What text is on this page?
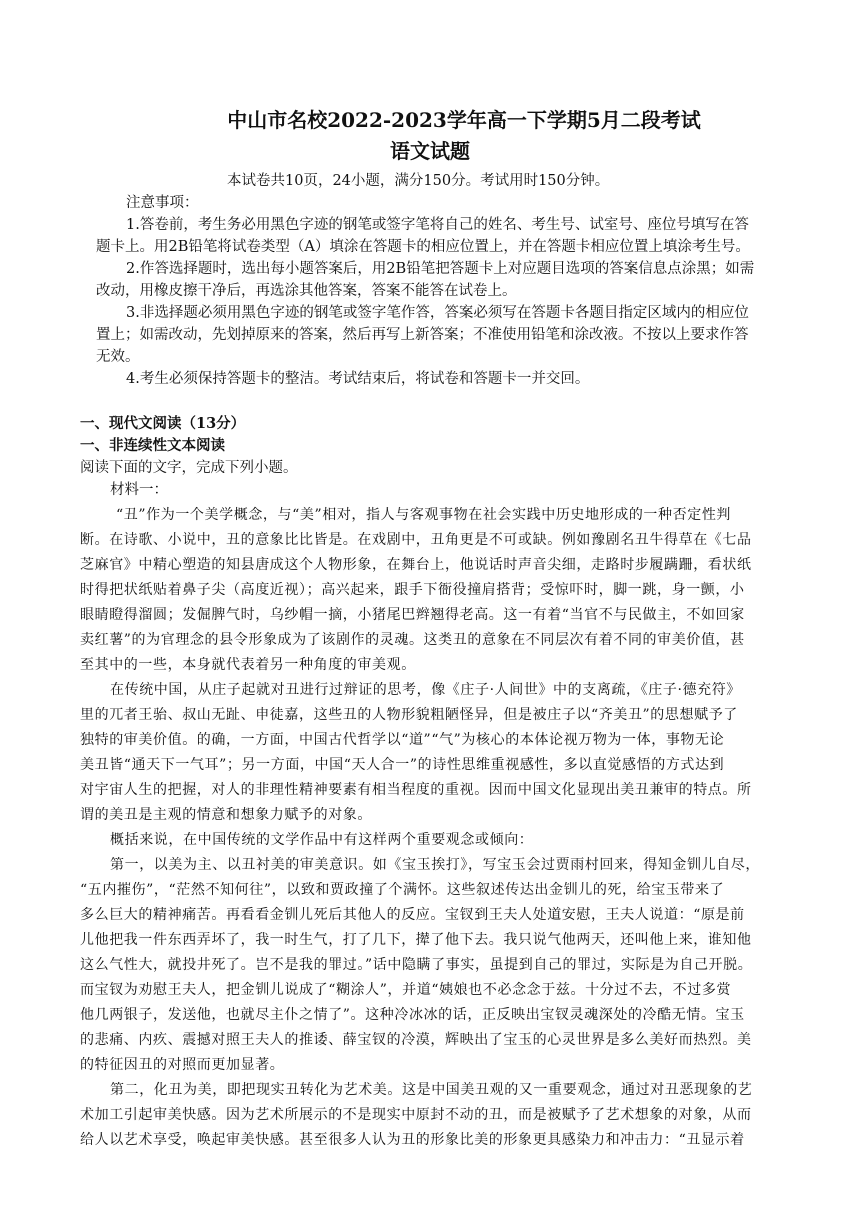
中山市名校2022-2023学年高一下学期5月二段考试
语文试题
本试卷共10页，24小题，满分150分。考试用时150分钟。
注意事项：
1.答卷前，考生务必用黑色字迹的钢笔或签字笔将自己的姓名、考生号、试室号、座位号填写在答
题卡上。用2B铅笔将试卷类型（A）填涂在答题卡的相应位置上，并在答题卡相应位置上填涂考生号。
2.作答选择题时，选出每小题答案后，用2B铅笔把答题卡上对应题目选项的答案信息点涂黑；如需
改动，用橡皮擦干净后，再选涂其他答案，答案不能答在试卷上。
3.非选择题必须用黑色字迹的钢笔或签字笔作答，答案必须写在答题卡各题目指定区域内的相应位
置上；如需改动，先划掉原来的答案，然后再写上新答案；不准使用铅笔和涂改液。不按以上要求作答
无效。
4.考生必须保持答题卡的整洁。考试结束后，将试卷和答题卡一并交回。
一、现代文阅读（13分）
一、非连续性文本阅读
阅读下面的文字，完成下列小题。
材料一：
“丑”作为一个美学概念，与“美”相对，指人与客观事物在社会实践中历史地形成的一种否定性判
断。在诗歌、小说中，丑的意象比比皆是。在戏剧中，丑角更是不可或缺。例如豫剧名丑牛得草在《七品
芝麻官》中精心塑造的知县唐成这个人物形象，在舞台上，他说话时声音尖细，走路时步履蹒跚，看状纸
时得把状纸贴着鼻子尖（高度近视）；高兴起来，跟手下衙役撞肩搭背；受惊吓时，脚一跳，身一颤，小
眼睛瞪得溜圆；发倔脾气时，乌纱帽一摘，小猪尾巴辫翘得老高。这一有着“当官不与民做主，不如回家
卖红薯”的为官理念的县令形象成为了该剧作的灵魂。这类丑的意象在不同层次有着不同的审美价值，甚
至其中的一些，本身就代表着另一种角度的审美观。
在传统中国，从庄子起就对丑进行过辩证的思考，像《庄子·人间世》中的支离疏，《庄子·德充符》
里的兀者王骀、叔山无趾、申徒嘉，这些丑的人物形貌粗陋怪异，但是被庄子以“齐美丑”的思想赋予了
独特的审美价值。的确，一方面，中国古代哲学以“道”“气”为核心的本体论视万物为一体，事物无论
美丑皆“通天下一气耳”；另一方面，中国“天人合一”的诗性思维重视感性，多以直觉感悟的方式达到
对宇宙人生的把握，对人的非理性精神要素有相当程度的重视。因而中国文化显现出美丑兼审的特点。所
谓的美丑是主观的情意和想象力赋予的对象。
概括来说，在中国传统的文学作品中有这样两个重要观念或倾向：
第一，以美为主、以丑衬美的审美意识。如《宝玉挨打》，写宝玉会过贾雨村回来，得知金钏儿自尽，
“五内摧伤”，“茫然不知何往”，以致和贾政撞了个满怀。这些叙述传达出金钏儿的死，给宝玉带来了
多么巨大的精神痛苦。再看看金钏儿死后其他人的反应。宝钗到王夫人处道安慰，王夫人说道：“原是前
儿他把我一件东西弄坏了，我一时生气，打了几下，撵了他下去。我只说气他两天，还叫他上来，谁知他
这么气性大，就投井死了。岂不是我的罪过。”话中隐瞒了事实，虽提到自己的罪过，实际是为自己开脱。
而宝钗为劝慰王夫人，把金钏儿说成了“糊涂人”，并道“姨娘也不必念念于兹。十分过不去，不过多赏
他几两银子，发送他，也就尽主仆之情了”。这种冷冰冰的话，正反映出宝钗灵魂深处的冷酷无情。宝玉
的悲痛、内疚、震撼对照王夫人的推诿、薛宝钗的冷漠，辉映出了宝玉的心灵世界是多么美好而热烈。美
的特征因丑的对照而更加显著。
第二，化丑为美，即把现实丑转化为艺术美。这是中国美丑观的又一重要观念，通过对丑恶现象的艺
术加工引起审美快感。因为艺术所展示的不是现实中原封不动的丑，而是被赋予了艺术想象的对象，从而
给人以艺术享受，唤起审美快感。甚至很多人认为丑的形象比美的形象更具感染力和冲击力：“丑显示着
